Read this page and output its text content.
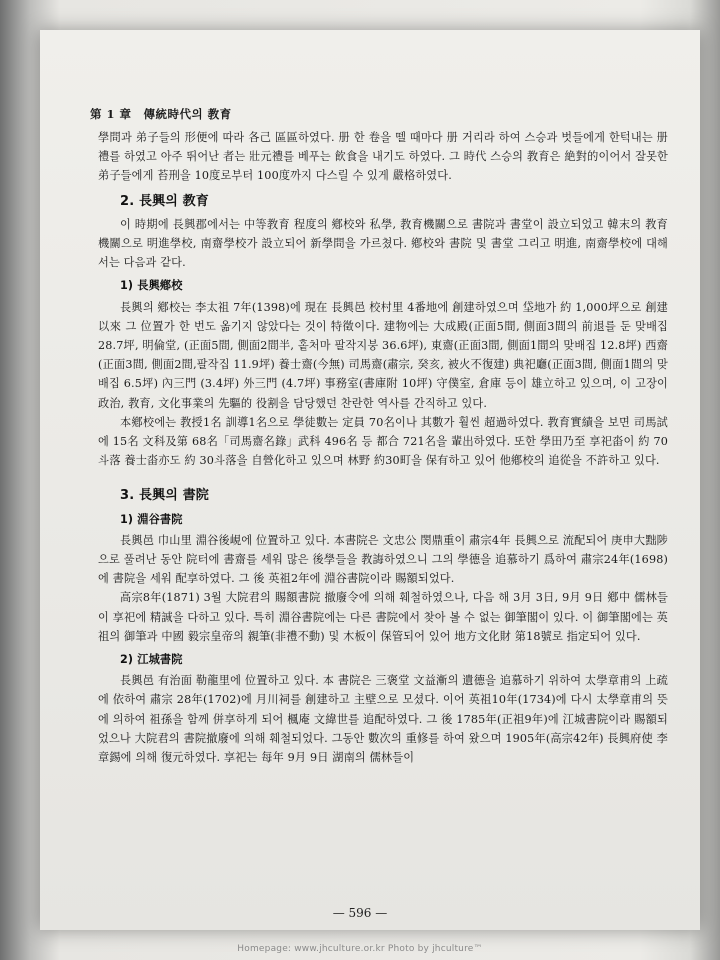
第 1 章　傳統時代의 教育

學問과 弟子들의 形便에 따라 各己 區區하였다. 册 한 卷을 뗄 때마다 册 거리라 하여 스승과 벗들에게 한턱내는 册禮를 하였고 아주 뛰어난 者는 壯元禮를 베푸는 飮食을 내기도 하였다. 그 時代 스승의 教育은 絶對的이어서 잘못한 弟子들에게 苔刑을 10度로부터 100度까지 다스릴 수 있게 嚴格하였다.

2. 長興의 教育

이 時期에 長興郡에서는 中等教育 程度의 鄕校와 私學, 教育機關으로 書院과 書堂이 設立되었고 韓末의 教育機關으로 明進學校, 南齋學校가 設立되어 新學問을 가르쳤다. 鄕校와 書院 및 書堂 그리고 明進, 南齋學校에 대해서는 다음과 같다.

1) 長興鄕校

長興의 鄕校는 李太祖 7年(1398)에 現在 長興邑 校村里 4番地에 創建하였으며 垈地가 約 1,000坪으로 創建以來 그 位置가 한 번도 옮기지 않았다는 것이 特徵이다. 建物에는 大成殿(正面5間, 側面3間의 前退를 둔 맞배집 28.7坪, 明倫堂, (正面5間, 側面2間半, 홑처마 팔작지붕 36.6坪), 東齋(正面3間, 側面1間의 맞배집 12.8坪) 西齋(正面3間, 側面2間,팔작집 11.9坪) 養士齋(今無) 司馬齋(肅宗, 癸亥, 被火不復建) 典祀廳(正面3間, 側面1間의 맞배집 6.5坪) 內三門 (3.4坪) 外三門 (4.7坪) 事務室(書庫附 10坪) 守僕室, 倉庫 등이 雄立하고 있으며, 이 고장이 政治, 教育, 文化事業의 先驅的 役割을 담당했던 찬란한 역사를 간직하고 있다.

本鄕校에는 教授1名 訓導1名으로 學徒數는 定員 70名이나 其數가 훨씬 超過하였다. 教育實績을 보면 司馬試에 15名 文科及第 68名「司馬齋名錄」武科 496名 등 都合 721名을 輩出하였다. 또한 學田乃至 享祀畓이 約 70斗落 養士畓亦도 約 30斗落을 自營化하고 있으며 林野 約30町을 保有하고 있어 他鄕校의 追從을 不許하고 있다.

3. 長興의 書院
1) 淵谷書院

長興邑 巾山里 淵谷後峴에 位置하고 있다. 本書院은 文忠公 閔鼎重이 肅宗4年 長興으로 流配되어 庚申大黜陟으로 풀려난 동안 院터에 書齋를 세워 많은 後學들을 教誨하였으니 그의 學德을 追慕하기 爲하여 肅宗24年(1698)에 書院을 세워 配享하였다. 그 後 英祖2年에 淵谷書院이라 賜額되었다.

高宗8年(1871) 3월 大院君의 賜額書院 撤廢令에 의해 훼철하였으나, 다음 해 3月 3日, 9月 9日 鄕中 儒林들이 享祀에 精誠을 다하고 있다. 특히 淵谷書院에는 다른 書院에서 찾아 볼 수 없는 御筆閣이 있다. 이 御筆閣에는 英祖의 御筆과 中國 毅宗皇帝의 親筆(非禮不動) 및 木板이 保管되어 있어 地方文化財 第18號로 指定되어 있다.

2) 江城書院

長興邑 有治面 勒龍里에 位置하고 있다. 本 書院은 三褒堂 文益漸의 遺德을 追慕하기 위하여 太學章甫의 上疏에 依하여 肅宗 28年(1702)에 月川祠를 創建하고 主壁으로 모셨다. 이어 英祖10年(1734)에 다시 太學章甫의 뜻에 의하여 祖孫을 함께 併享하게 되어 楓庵 文緯世를 追配하였다. 그 後 1785年(正祖9年)에 江城書院이라 賜額되었으나 大院君의 書院撤廢에 의해 훼철되었다. 그동안 數次의 重修를 하여 왔으며 1905年(高宗42年) 長興府使 李章錫에 의해 復元하였다. 享祀는 每年 9月 9日 湖南의 儒林들이

— 596 —
Homepage: www.jhculture.or.kr Photo by jhculture™
